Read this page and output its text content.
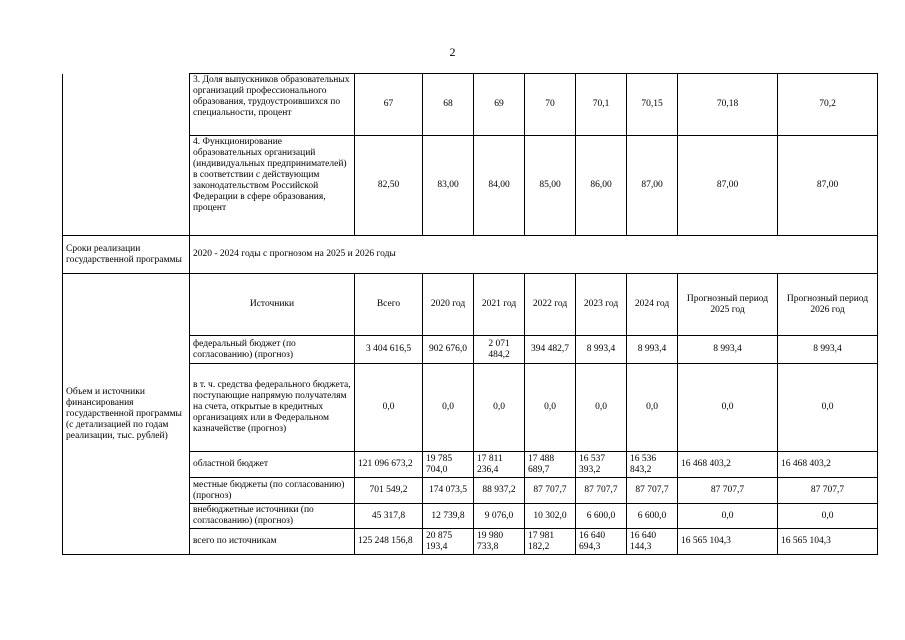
2
	3. Доля выпускников образовательных организаций профессионального образования, трудоустроившихся по специальности, процент	67	68	69	70	70,1	70,15	70,18	70,2
	4. Функционирование образовательных организаций (индивидуальных предпринимателей) в соответствии с действующим законодательством Российской Федерации в сфере образования, процент	82,50	83,00	84,00	85,00	86,00	87,00	87,00	87,00
Сроки реализации государственной программы	2020 - 2024 годы с прогнозом на 2025 и 2026 годы								
Объем и источники финансирования государственной программы (с детализацией по годам реализации, тыс. рублей)	Источники	Всего	2020 год	2021 год	2022 год	2023 год	2024 год	Прогнозный период 2025 год	Прогнозный период 2026 год
	федеральный бюджет (по согласованию) (прогноз)	3 404 616,5	902 676,0	2 071 484,2	394 482,7	8 993,4	8 993,4	8 993,4	8 993,4
	в т. ч. средства федерального бюджета, поступающие напрямую получателям на счета, открытые в кредитных организациях или в Федеральном казначействе (прогноз)	0,0	0,0	0,0	0,0	0,0	0,0	0,0	0,0
	областной бюджет	121 096 673,2	19 785 704,0	17 811 236,4	17 488 689,7	16 537 393,2	16 536 843,2	16 468 403,2	16 468 403,2
	местные бюджеты (по согласованию) (прогноз)	701 549,2	174 073,5	88 937,2	87 707,7	87 707,7	87 707,7	87 707,7	87 707,7
	внебюджетные источники (по согласованию) (прогноз)	45 317,8	12 739,8	9 076,0	10 302,0	6 600,0	6 600,0	0,0	0,0
	всего по источникам	125 248 156,8	20 875 193,4	19 980 733,8	17 981 182,2	16 640 694,3	16 640 144,3	16 565 104,3	16 565 104,3
